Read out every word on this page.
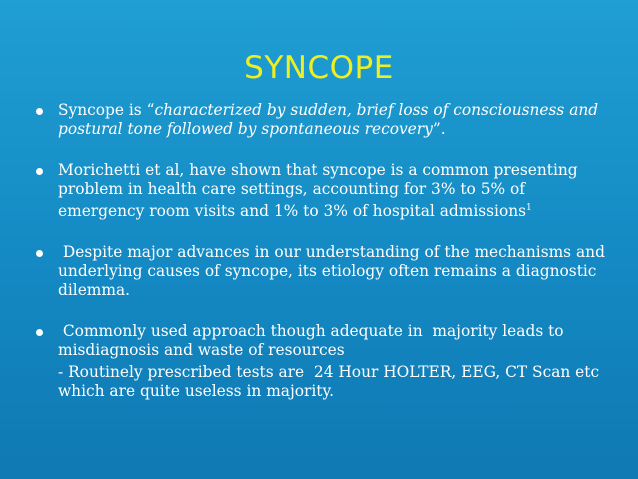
SYNCOPE
Syncope is “characterized by sudden, brief loss of consciousness and postural tone followed by spontaneous recovery”.
Morichetti et al, have shown that syncope is a common presenting problem in health care settings, accounting for 3% to 5% of emergency room visits and 1% to 3% of hospital admissions$^1$
Despite major advances in our understanding of the mechanisms and underlying causes of syncope, its etiology often remains a diagnostic dilemma.
Commonly used approach though adequate in  majority leads to misdiagnosis and waste of resources
- Routinely prescribed tests are  24 Hour HOLTER, EEG, CT Scan etc which are quite useless in majority.
